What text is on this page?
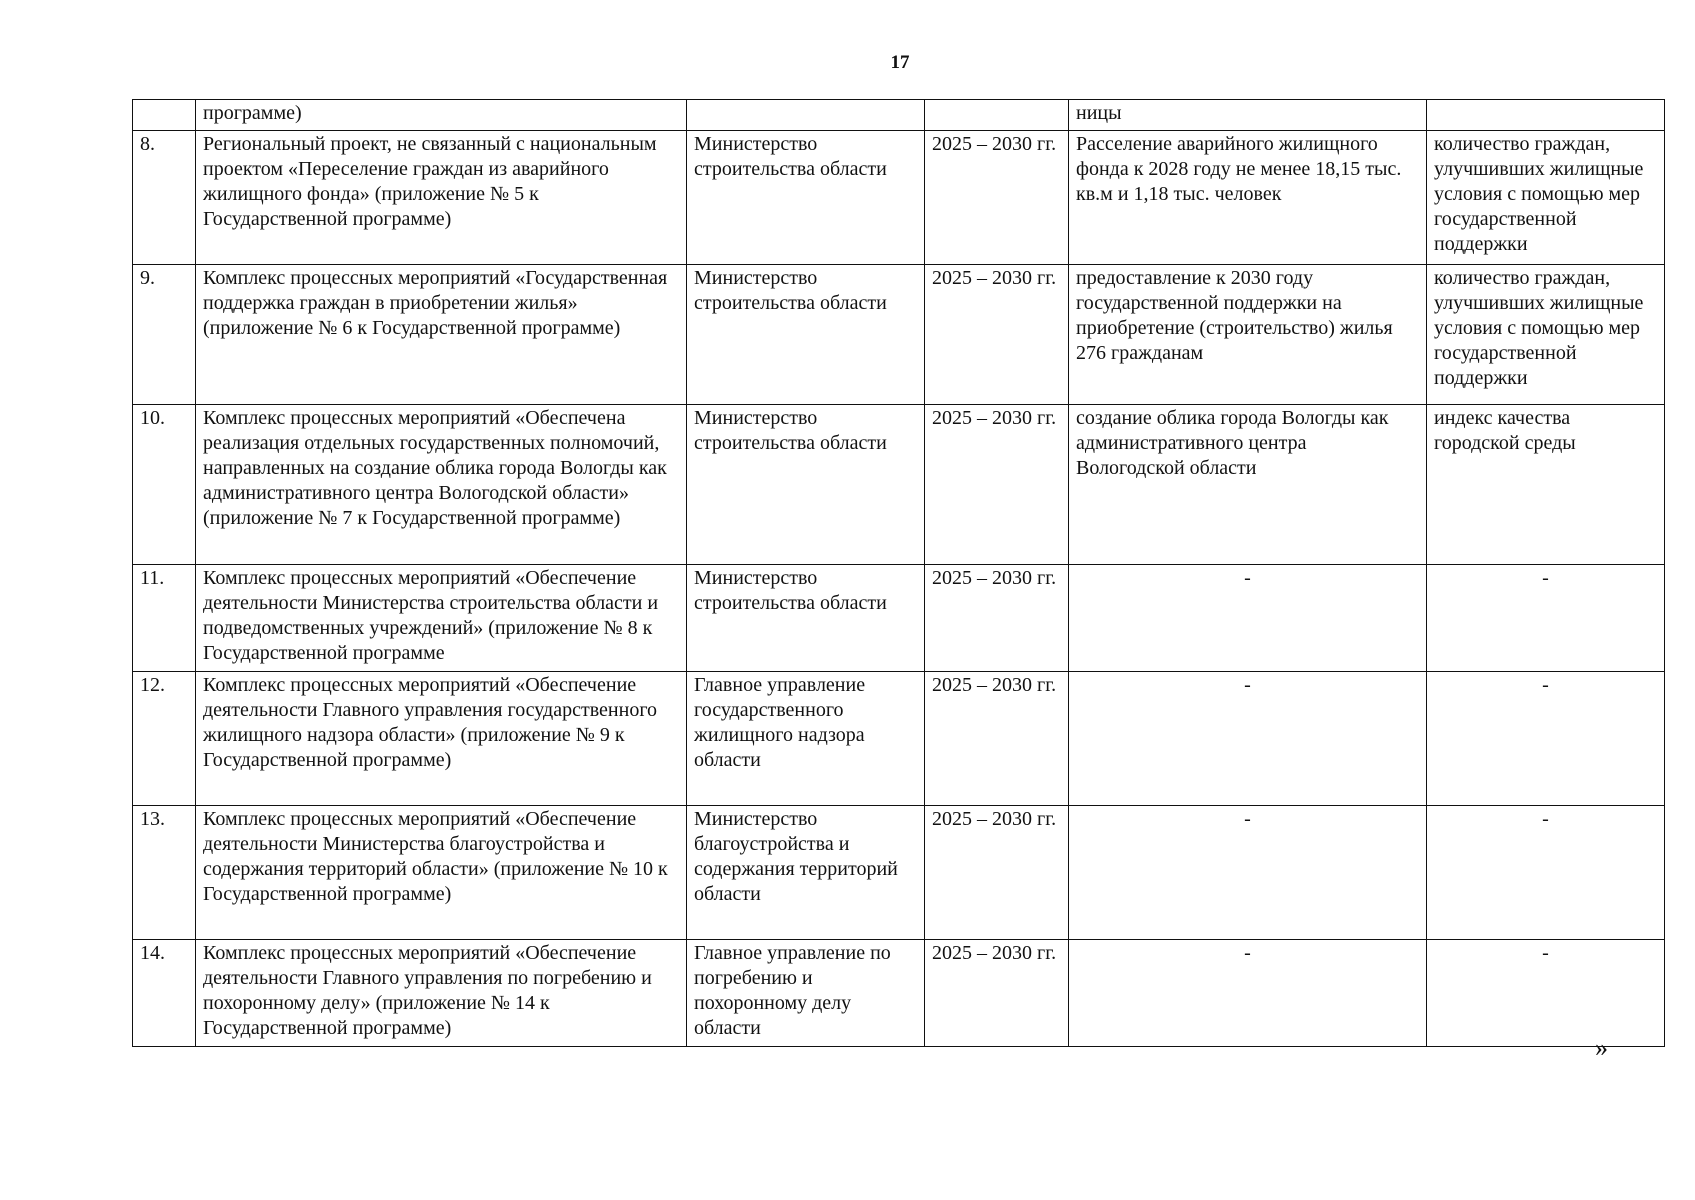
17
	программе)			ницы	
8.	Региональный проект, не связанный с национальным проектом «Переселение граждан из аварийного жилищного фонда» (приложение № 5 к Государственной программе)	Министерство строительства области	2025 – 2030 гг.	Расселение аварийного жилищного фонда к 2028 году не менее 18,15 тыс. кв.м и 1,18 тыс. человек	количество граждан, улучшивших жилищные условия с помощью мер государственной поддержки
9.	Комплекс процессных мероприятий «Государственная поддержка граждан в приобретении жилья» (приложение № 6 к Государственной программе)	Министерство строительства области	2025 – 2030 гг.	предоставление к 2030 году государственной поддержки на приобретение (строительство) жилья 276 гражданам	количество граждан, улучшивших жилищные условия с помощью мер государственной поддержки
10.	Комплекс процессных мероприятий «Обеспечена реализация отдельных государственных полномочий, направленных на создание облика города Вологды как административного центра Вологодской области» (приложение № 7 к Государственной программе)	Министерство строительства области	2025 – 2030 гг.	создание облика города Вологды как административного центра Вологодской области	индекс качества городской среды
11.	Комплекс процессных мероприятий «Обеспечение деятельности Министерства строительства области и подведомственных учреждений» (приложение № 8 к Государственной программе	Министерство строительства области	2025 – 2030 гг.	-	-
12.	Комплекс процессных мероприятий «Обеспечение деятельности Главного управления государственного жилищного надзора области» (приложение № 9 к Государственной программе)	Главное управление государственного жилищного надзора области	2025 – 2030 гг.	-	-
13.	Комплекс процессных мероприятий «Обеспечение деятельности Министерства благоустройства и содержания территорий области» (приложение № 10 к Государственной программе)	Министерство благоустройства и содержания территорий области	2025 – 2030 гг.	-	-
14.	Комплекс процессных мероприятий «Обеспечение деятельности Главного управления по погребению и похоронному делу» (приложение № 14 к Государственной программе)	Главное управление по погребению и похоронному делу области	2025 – 2030 гг.	-	-
»
